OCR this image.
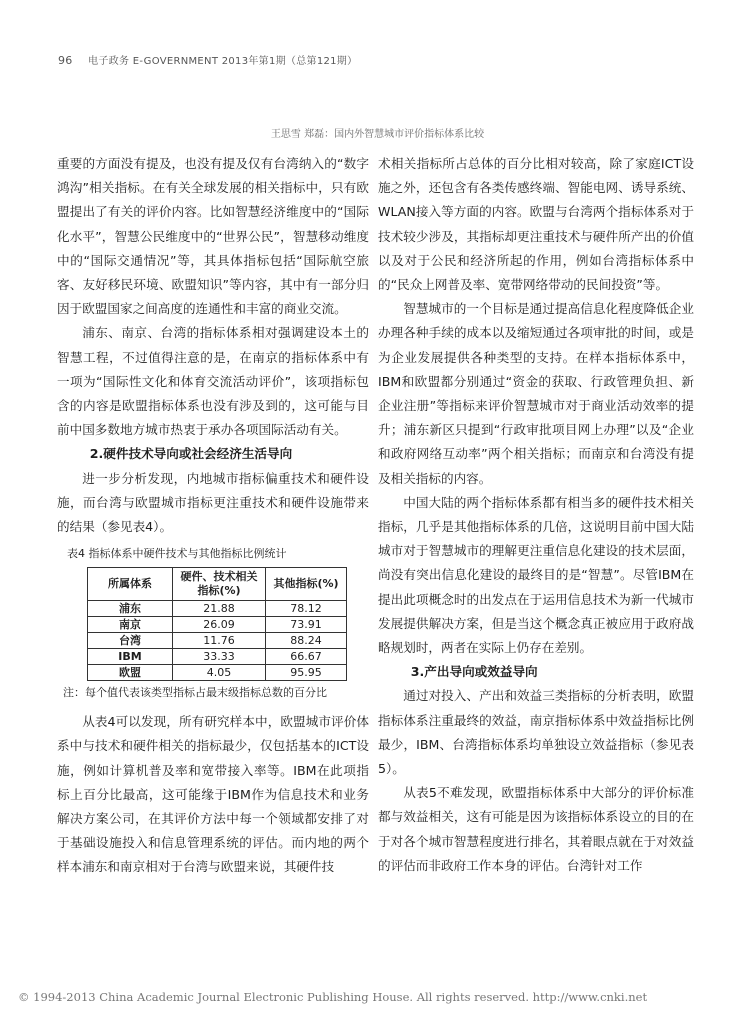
96 电子政务 E-GOVERNMENT 2013年第1期（总第121期）
王思雪 郑磊：国内外智慧城市评价指标体系比较

重要的方面没有提及，也没有提及仅有台湾纳入的“数字鸿沟”相关指标。在有关全球发展的相关指标中，只有欧盟提出了有关的评价内容。比如智慧经济维度中的“国际化水平”，智慧公民维度中的“世界公民”，智慧移动维度中的“国际交通情况”等，其具体指标包括“国际航空旅客、友好移民环境、欧盟知识”等内容，其中有一部分归因于欧盟国家之间高度的连通性和丰富的商业交流。

浦东、南京、台湾的指标体系相对强调建设本土的智慧工程，不过值得注意的是，在南京的指标体系中有一项为“国际性文化和体育交流活动评价”，该项指标包含的内容是欧盟指标体系也没有涉及到的，这可能与目前中国多数地方城市热衷于承办各项国际活动有关。

2.硬件技术导向或社会经济生活导向

进一步分析发现，内地城市指标偏重技术和硬件设施，而台湾与欧盟城市指标更注重技术和硬件设施带来的结果（参见表4）。

表4 指标体系中硬件技术与其他指标比例统计
所属体系	硬件、技术相关指标(%)	其他指标(%)
浦东	21.88	78.12
南京	26.09	73.91
台湾	11.76	88.24
IBM	33.33	66.67
欧盟	4.05	95.95
注：每个值代表该类型指标占最末级指标总数的百分比

从表4可以发现，所有研究样本中，欧盟城市评价体系中与技术和硬件相关的指标最少，仅包括基本的ICT设施，例如计算机普及率和宽带接入率等。IBM在此项指标上百分比最高，这可能缘于IBM作为信息技术和业务解决方案公司，在其评价方法中每一个领域都安排了对于基础设施投入和信息管理系统的评估。而内地的两个样本浦东和南京相对于台湾与欧盟来说，其硬件技

术相关指标所占总体的百分比相对较高，除了家庭ICT设施之外，还包含有各类传感终端、智能电网、诱导系统、WLAN接入等方面的内容。欧盟与台湾两个指标体系对于技术较少涉及，其指标却更注重技术与硬件所产出的价值以及对于公民和经济所起的作用，例如台湾指标体系中的“民众上网普及率、宽带网络带动的民间投资”等。

智慧城市的一个目标是通过提高信息化程度降低企业办理各种手续的成本以及缩短通过各项审批的时间，或是为企业发展提供各种类型的支持。在样本指标体系中，IBM和欧盟都分别通过“资金的获取、行政管理负担、新企业注册”等指标来评价智慧城市对于商业活动效率的提升；浦东新区只提到“行政审批项目网上办理”以及“企业和政府网络互动率”两个相关指标；而南京和台湾没有提及相关指标的内容。

中国大陆的两个指标体系都有相当多的硬件技术相关指标，几乎是其他指标体系的几倍，这说明目前中国大陆城市对于智慧城市的理解更注重信息化建设的技术层面，尚没有突出信息化建设的最终目的是“智慧”。尽管IBM在提出此项概念时的出发点在于运用信息技术为新一代城市发展提供解决方案，但是当这个概念真正被应用于政府战略规划时，两者在实际上仍存在差别。

3.产出导向或效益导向

通过对投入、产出和效益三类指标的分析表明，欧盟指标体系注重最终的效益，南京指标体系中效益指标比例最少，IBM、台湾指标体系均单独设立效益指标（参见表5）。

从表5不难发现，欧盟指标体系中大部分的评价标准都与效益相关，这有可能是因为该指标体系设立的目的在于对各个城市智慧程度进行排名，其着眼点就在于对效益的评估而非政府工作本身的评估。台湾针对工作

© 1994-2013 China Academic Journal Electronic Publishing House. All rights reserved. http://www.cnki.net
